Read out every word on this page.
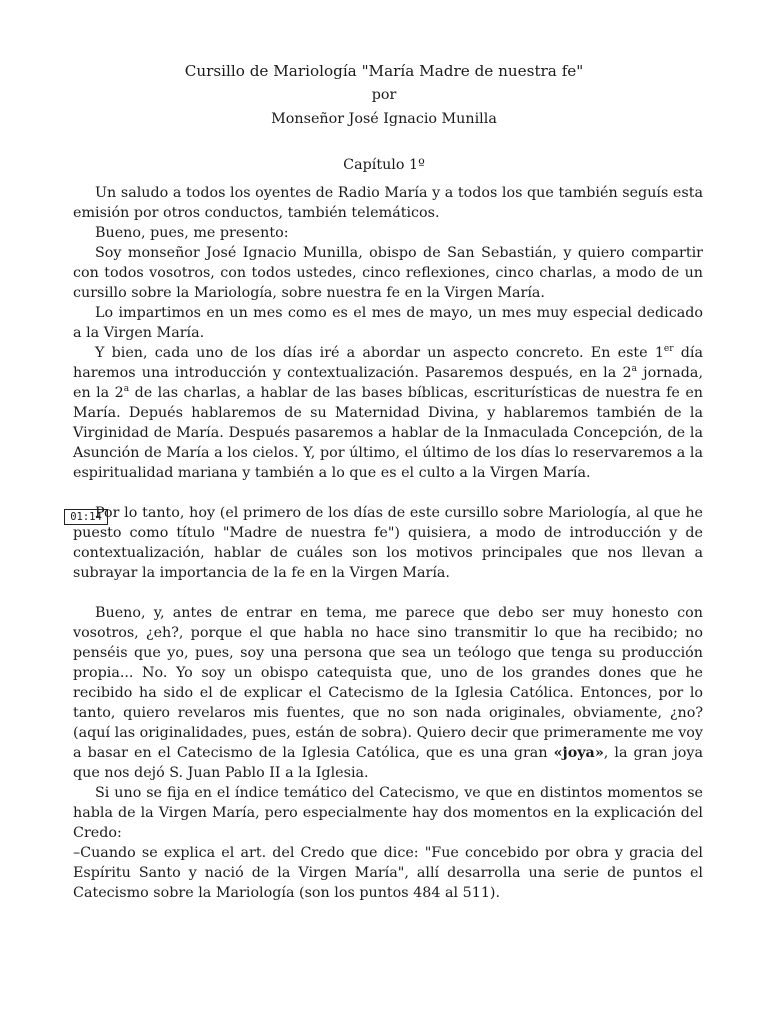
Cursillo de Mariología "María Madre de nuestra fe"
por
Monseñor José Ignacio Munilla
Capítulo 1º
01:14

Un saludo a todos los oyentes de Radio María y a todos los que también seguís esta emisión por otros conductos, también telemáticos.

Bueno, pues, me presento:

Soy monseñor José Ignacio Munilla, obispo de San Sebastián, y quiero compartir con todos vosotros, con todos ustedes, cinco reflexiones, cinco charlas, a modo de un cursillo sobre la Mariología, sobre nuestra fe en la Virgen María.

Lo impartimos en un mes como es el mes de mayo, un mes muy especial dedicado a la Virgen María.

Y bien, cada uno de los días iré a abordar un aspecto concreto. En este 1er día haremos una introducción y contextualización. Pasaremos después, en la 2$^a$ jornada, en la 2$^a$ de las charlas, a hablar de las bases bíblicas, escriturísticas de nuestra fe en María. Depués hablaremos de su Maternidad Divina, y hablaremos también de la Virginidad de María. Después pasaremos a hablar de la Inmaculada Concepción, de la Asunción de María a los cielos. Y, por último, el último de los días lo reservaremos a la espiritualidad mariana y también a lo que es el culto a la Virgen María.

Por lo tanto, hoy (el primero de los días de este cursillo sobre Mariología, al que he puesto como título "Madre de nuestra fe") quisiera, a modo de introducción y de contextualización, hablar de cuáles son los motivos principales que nos llevan a subrayar la importancia de la fe en la Virgen María.

Bueno, y, antes de entrar en tema, me parece que debo ser muy honesto con vosotros, ¿eh?, porque el que habla no hace sino transmitir lo que ha recibido; no penséis que yo, pues, soy una persona que sea un teólogo que tenga su producción propia... No. Yo soy un obispo catequista que, uno de los grandes dones que he recibido ha sido el de explicar el Catecismo de la Iglesia Católica. Entonces, por lo tanto, quiero revelaros mis fuentes, que no son nada originales, obviamente, ¿no? (aquí las originalidades, pues, están de sobra). Quiero decir que primeramente me voy a basar en el Catecismo de la Iglesia Católica, que es una gran «joya», la gran joya que nos dejó S. Juan Pablo II a la Iglesia.

Si uno se fija en el índice temático del Catecismo, ve que en distintos momentos se habla de la Virgen María, pero especialmente hay dos momentos en la explicación del Credo:

–Cuando se explica el art. del Credo que dice: "Fue concebido por obra y gracia del Espíritu Santo y nació de la Virgen María", allí desarrolla una serie de puntos el Catecismo sobre la Mariología (son los puntos 484 al 511).
